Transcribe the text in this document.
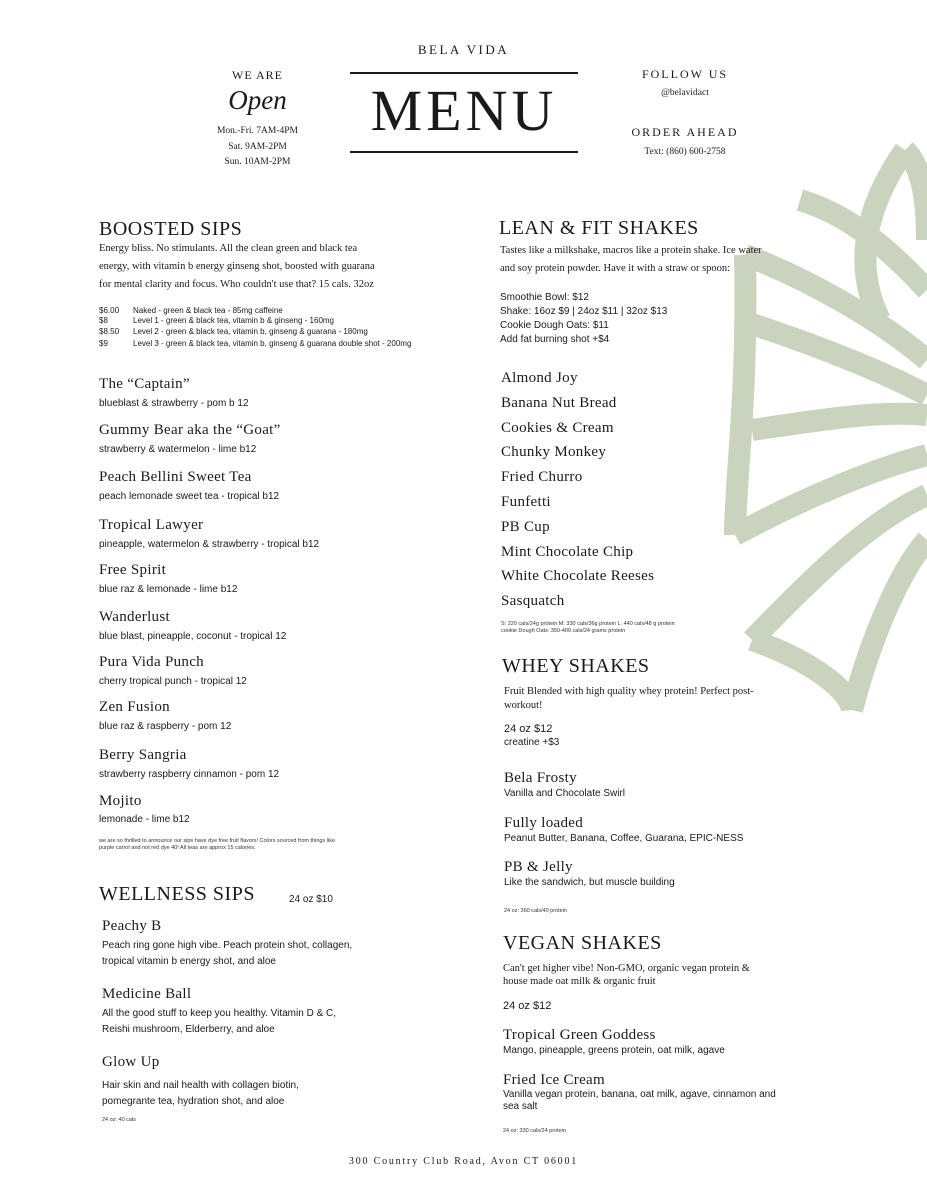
BELA VIDA
MENU
WE ARE
Open
Mon.-Fri. 7AM-4PM
Sat. 9AM-2PM
Sun. 10AM-2PM
FOLLOW US
@belavidact
ORDER AHEAD
Text: (860) 600-2758
BOOSTED SIPS
Energy bliss. No stimulants. All the clean green and black tea
energy, with vitamin b energy ginseng shot, boosted with guarana
for mental clarity and focus. Who couldn't use that? 15 cals. 32oz
$6.00 Naked - green & black tea - 85mg caffeine
$8	Level 1 - green & black tea, vitamin b & ginseng - 160mg
$8.50 Level 2 - green & black tea, vitamin b, ginseng & guarana - 180mg
$9	Level 3 - green & black tea, vitamin b, ginseng & guarana double shot - 200mg
The “Captain”
blueblast & strawberry - pom b 12
Gummy Bear aka the “Goat”
strawberry & watermelon - lime b12
Peach Bellini Sweet Tea
peach lemonade sweet tea - tropical b12
Tropical Lawyer
pineapple, watermelon & strawberry - tropical b12
Free Spirit
blue raz & lemonade - lime b12
Wanderlust
blue blast, pineapple, coconut - tropical 12
Pura Vida Punch
cherry tropical punch - tropical 12
Zen Fusion
blue raz & raspberry - pom 12
Berry Sangria
strawberry raspberry cinnamon - pom 12
Mojito
lemonade - lime b12
we are so thrilled to announce our sips have dye free fruit flavors! Colors sourced from things like
purple carrot and not red dye 40! All teas are approx 15 calories.
WELLNESS SIPS	24 oz $10
Peachy B
Peach ring gone high vibe. Peach protein shot, collagen,
tropical vitamin b energy shot, and aloe
Medicine Ball
All the good stuff to keep you healthy. Vitamin D & C,
Reishi mushroom, Elderberry, and aloe
Glow Up
Hair skin and nail health with collagen biotin,
pomegrante tea, hydration shot, and aloe
24 oz: 40 cals
LEAN & FIT SHAKES
Tastes like a milkshake, macros like a protein shake. Ice water
and soy protein powder. Have it with a straw or spoon:
Smoothie Bowl: $12
Shake: 16oz $9 | 24oz $11 | 32oz $13
Cookie Dough Oats: $11
Add fat burning shot +$4
Almond Joy
Banana Nut Bread
Cookies & Cream
Chunky Monkey
Fried Churro
Funfetti
PB Cup
Mint Chocolate Chip
White Chocolate Reeses
Sasquatch
S: 220 cals/24g protein M: 330 cals/36g protein L: 440 cals/48 g protein
cookie Dough Oats: 350-400 cals/24 grams protein
WHEY SHAKES
Fruit Blended with high quality whey protein! Perfect post-
workout!
24 oz $12
creatine +$3
Bela Frosty
Vanilla and Chocolate Swirl
Fully loaded
Peanut Butter, Banana, Coffee, Guarana, EPIC-NESS
PB & Jelly
Like the sandwich, but muscle building
24 oz: 360 cals/40 protein
VEGAN SHAKES
Can't get higher vibe! Non-GMO, organic vegan protein &
house made oat milk & organic fruit
24 oz $12
Tropical Green Goddess
Mango, pineapple, greens protein, oat milk, agave
Fried Ice Cream
Vanilla vegan protein, banana, oat milk, agave, cinnamon and
sea salt
24 oz: 330 cals/24 protein
300 Country Club Road, Avon CT 06001
